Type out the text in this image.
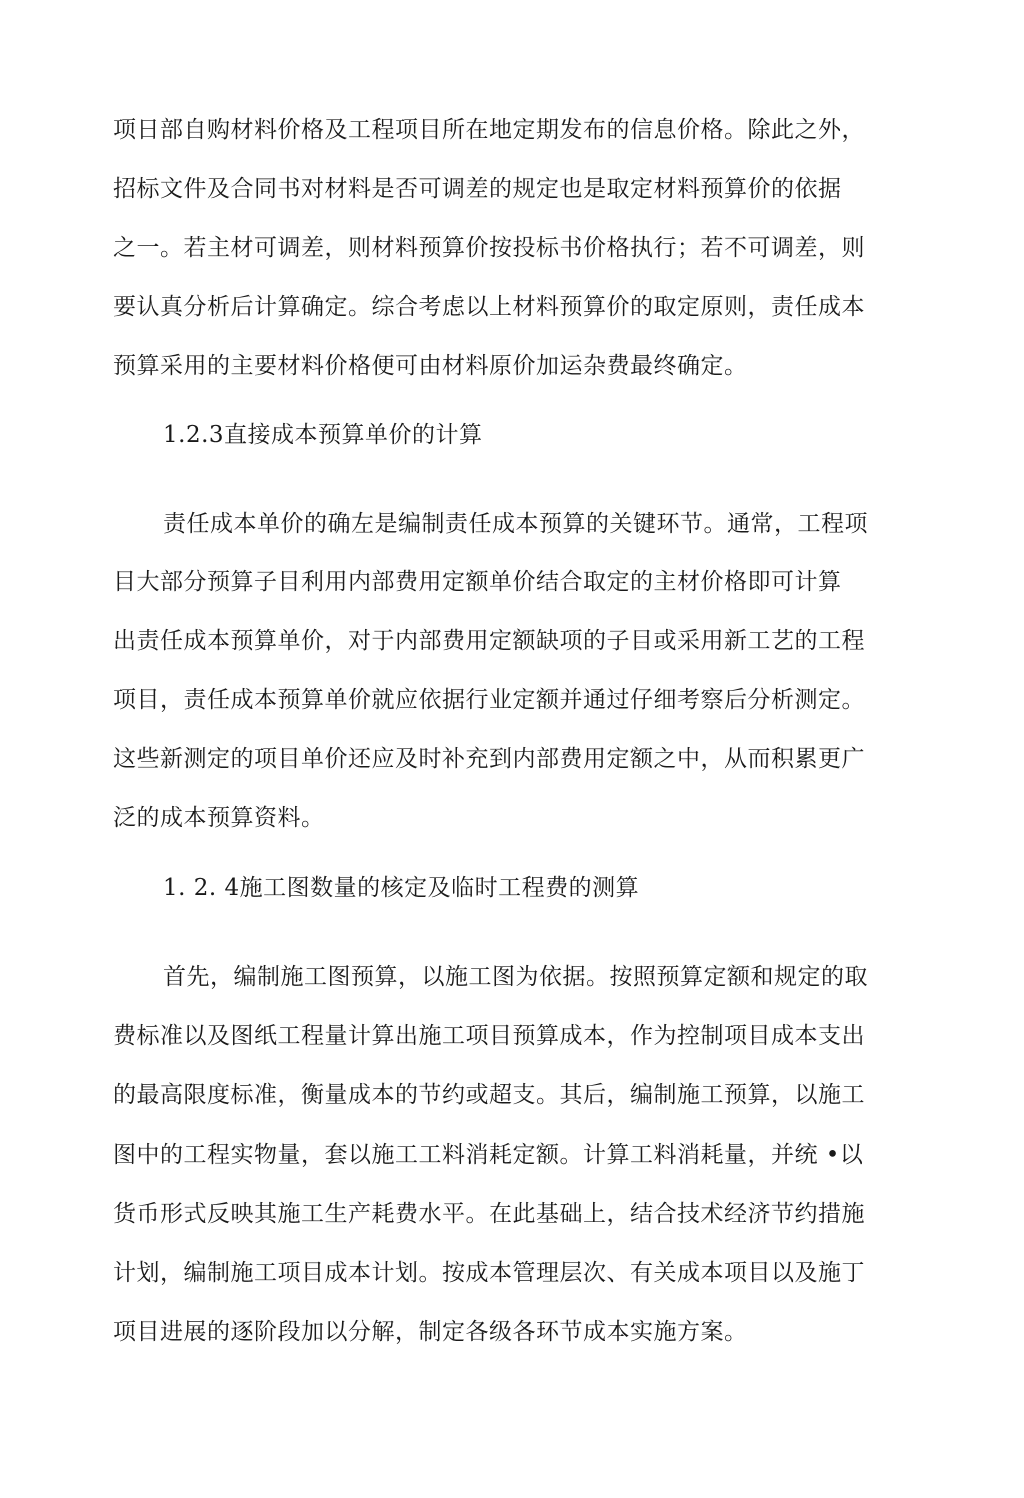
项日部自购材料价格及工程项目所在地定期发布的信息价格。除此之外，
招标文件及合同书对材料是否可调差的规定也是取定材料预算价的依据
之一。若主材可调差，则材料预算价按投标书价格执行；若不可调差，则
要认真分析后计算确定。综合考虑以上材料预算价的取定原则，责任成本
预算采用的主要材料价格便可由材料原价加运杂费最终确定。
1.2.3直接成本预算单价的计算
责任成本单价的确左是编制责任成本预算的关键环节。通常，工程项
目大部分预算子目利用内部费用定额单价结合取定的主材价格即可计算
出责任成本预算单价，对于内部费用定额缺项的子目或采用新工艺的工程
项目，责任成本预算单价就应依据行业定额并通过仔细考察后分析测定。
这些新测定的项目单价还应及时补充到内部费用定额之中，从而积累更广
泛的成本预算资料。
1. 2. 4施工图数量的核定及临时工程费的测算
首先，编制施工图预算，以施工图为依据。按照预算定额和规定的取
费标准以及图纸工程量计算出施工项目预算成本，作为控制项目成本支出
的最高限度标准，衡量成本的节约或超支。其后，编制施工预算，以施工
图中的工程实物量，套以施工工料消耗定额。计算工料消耗量，并统 •以
货币形式反映其施工生产耗费水平。在此基础上，结合技术经济节约措施
计划，编制施工项目成本计划。按成本管理层次、有关成本项目以及施丁
项目进展的逐阶段加以分解，制定各级各环节成本实施方案。
